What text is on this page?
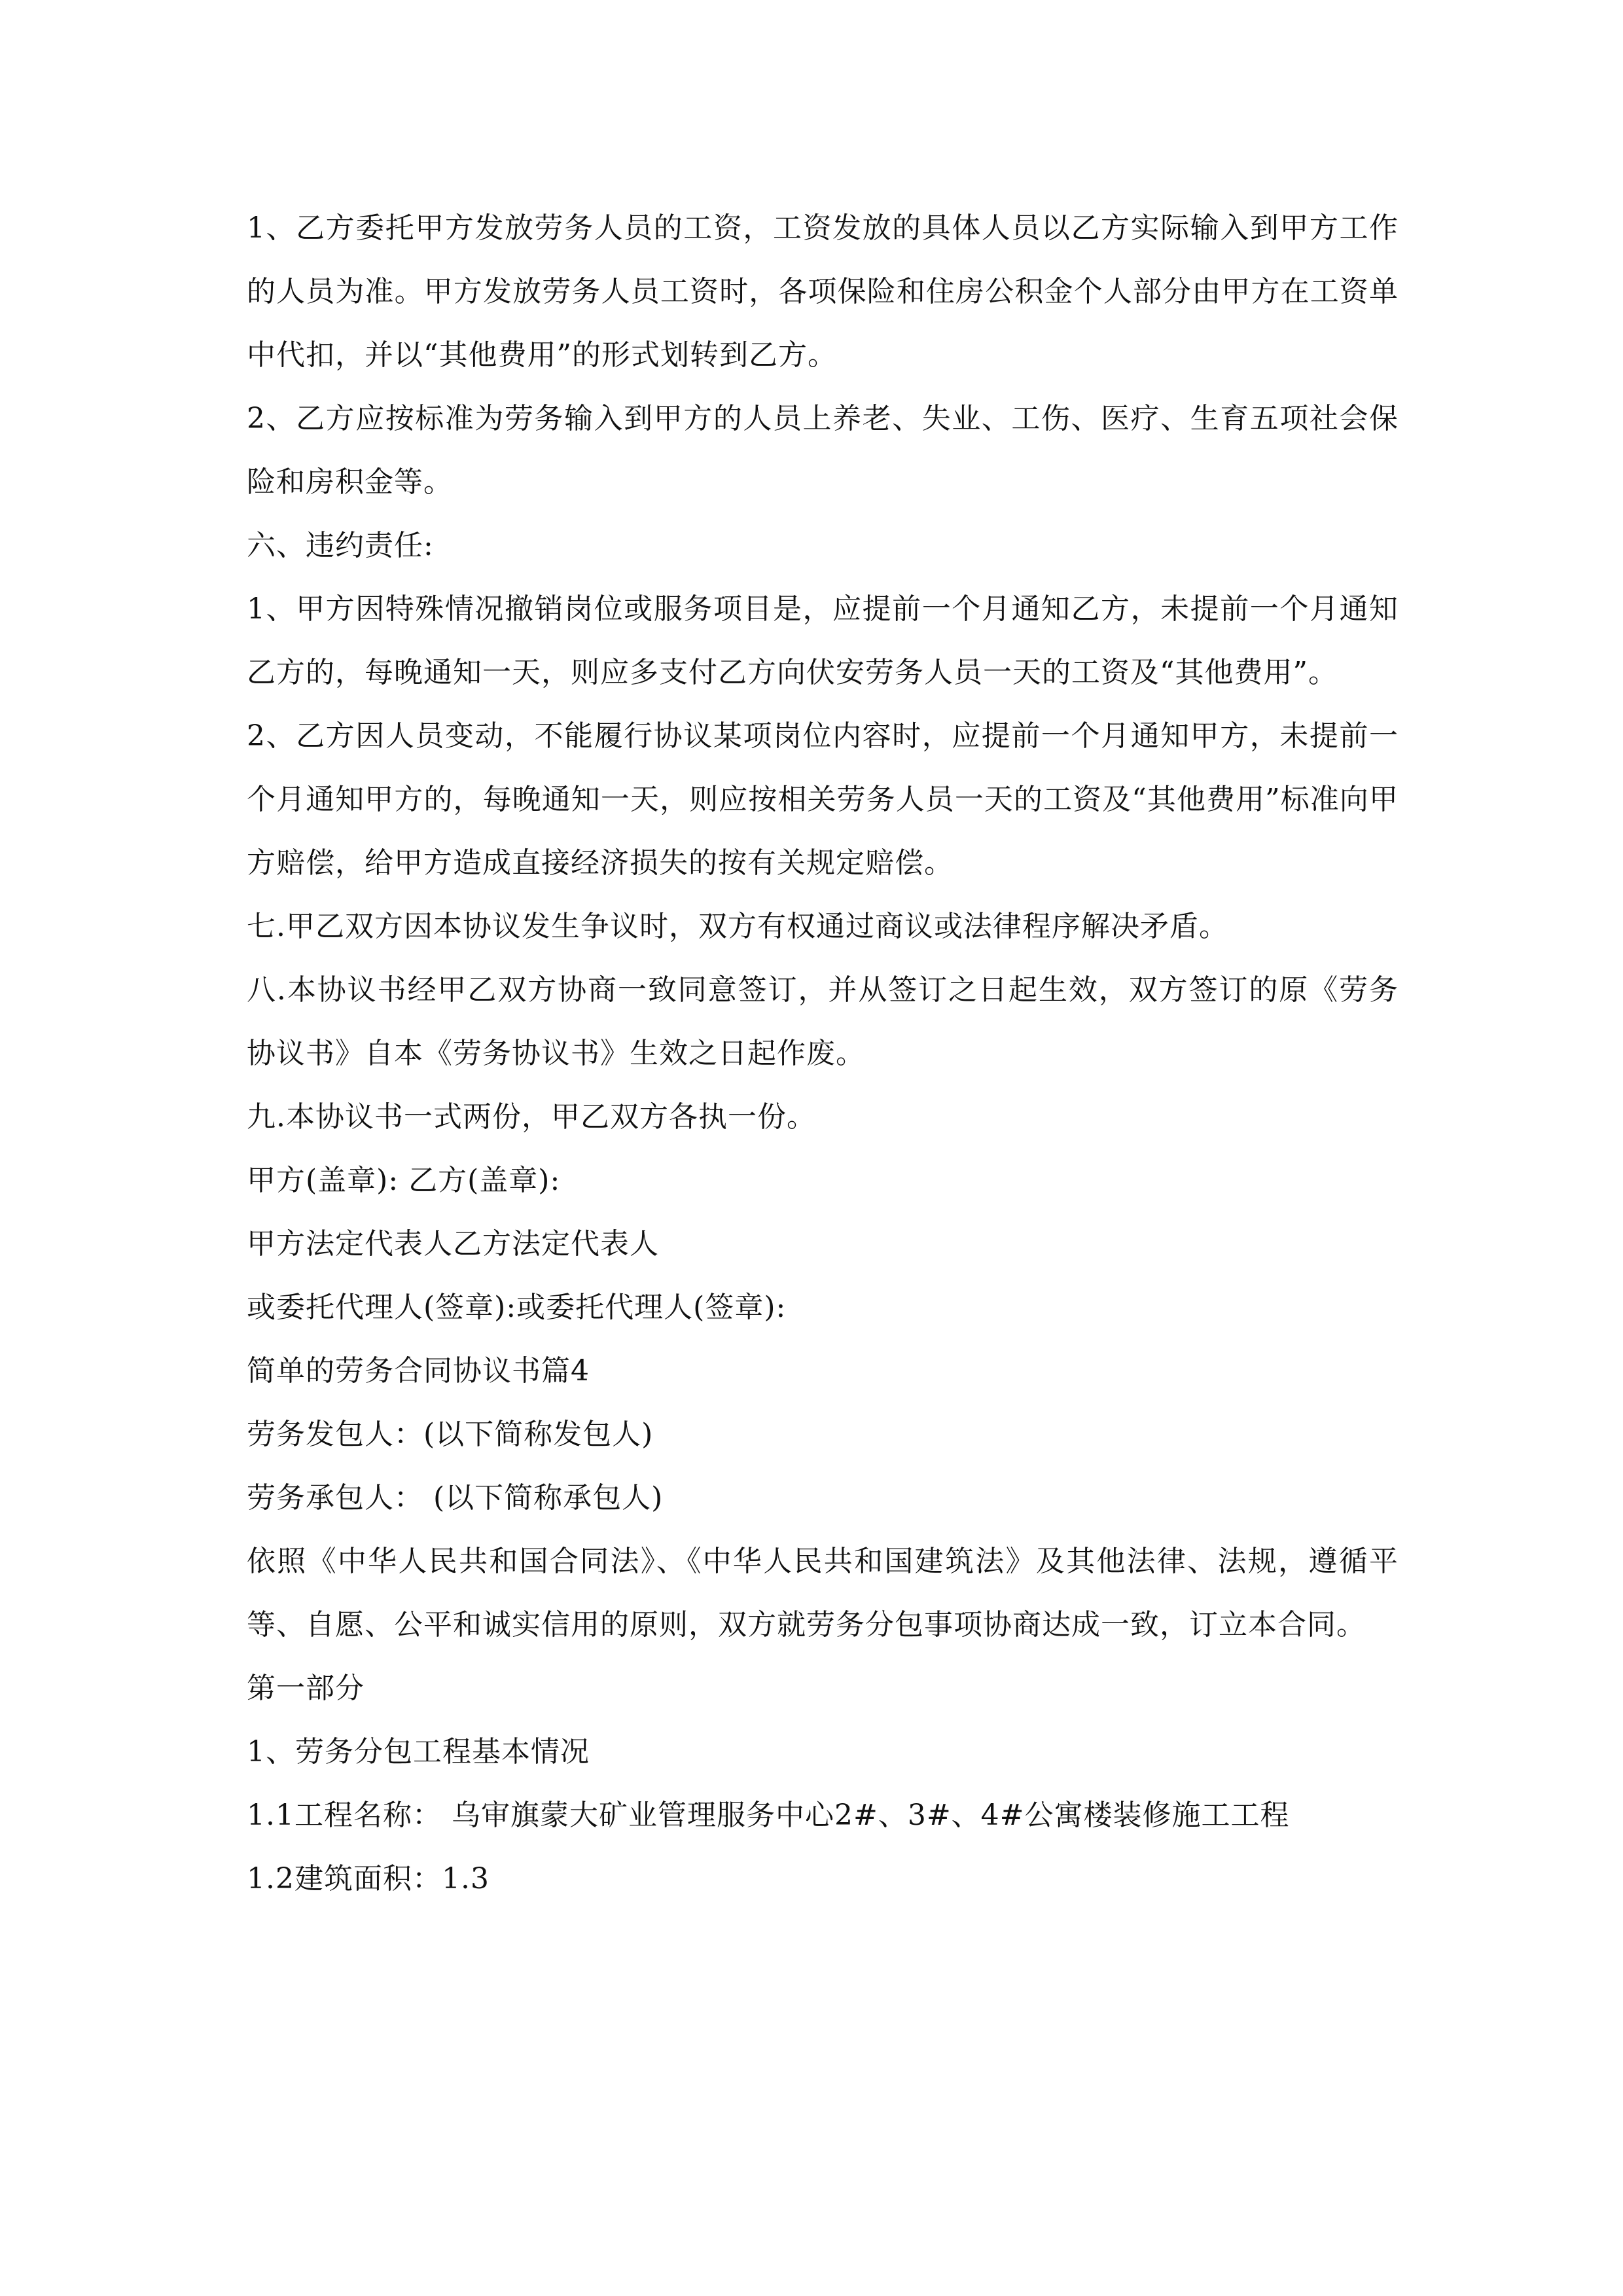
1、乙方委托甲方发放劳务人员的工资，工资发放的具体人员以乙方实际输入到甲方工作的人员为准。甲方发放劳务人员工资时，各项保险和住房公积金个人部分由甲方在工资单中代扣，并以“其他费用”的形式划转到乙方。

2、乙方应按标准为劳务输入到甲方的人员上养老、失业、工伤、医疗、生育五项社会保险和房积金等。

六、违约责任:

1、甲方因特殊情况撤销岗位或服务项目是，应提前一个月通知乙方，未提前一个月通知乙方的，每晚通知一天，则应多支付乙方向伏安劳务人员一天的工资及“其他费用”。

2、乙方因人员变动，不能履行协议某项岗位内容时，应提前一个月通知甲方，未提前一个月通知甲方的，每晚通知一天，则应按相关劳务人员一天的工资及“其他费用”标准向甲方赔偿，给甲方造成直接经济损失的按有关规定赔偿。

七.甲乙双方因本协议发生争议时，双方有权通过商议或法律程序解决矛盾。

八.本协议书经甲乙双方协商一致同意签订，并从签订之日起生效，双方签订的原《劳务协议书》自本《劳务协议书》生效之日起作废。

九.本协议书一式两份，甲乙双方各执一份。

甲方(盖章): 乙方(盖章):

甲方法定代表人乙方法定代表人

或委托代理人(签章):或委托代理人(签章):

简单的劳务合同协议书篇4

劳务发包人：(以下简称发包人)

劳务承包人： (以下简称承包人)

依照《中华人民共和国合同法》、《中华人民共和国建筑法》及其他法律、法规，遵循平等、自愿、公平和诚实信用的原则，双方就劳务分包事项协商达成一致，订立本合同。

第一部分

1、劳务分包工程基本情况

1.1工程名称： 乌审旗蒙大矿业管理服务中心2#、3#、4#公寓楼装修施工工程

1.2建筑面积：1.3
